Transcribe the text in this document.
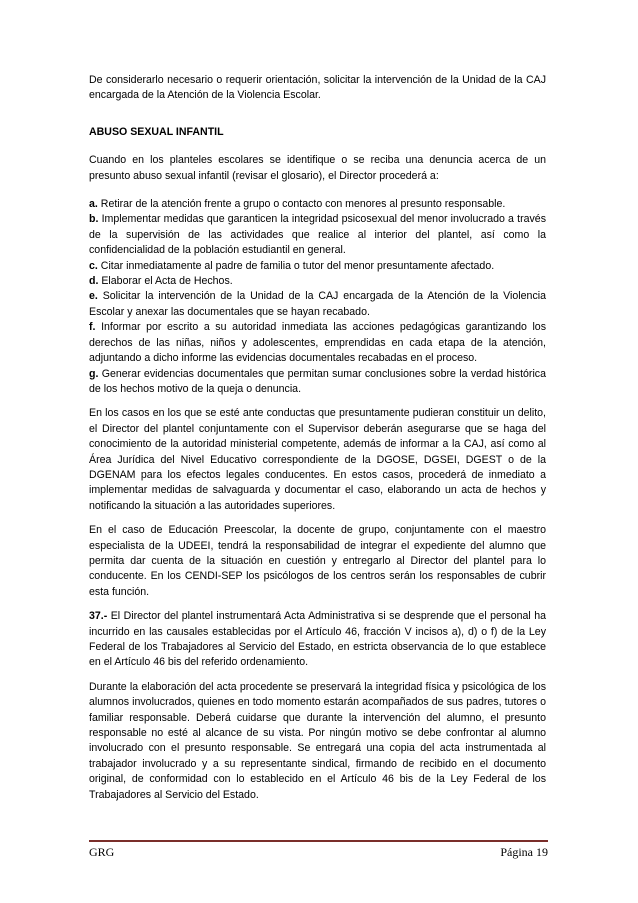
De considerarlo necesario o requerir orientación, solicitar la intervención de la Unidad de la CAJ encargada de la Atención de la Violencia Escolar.

ABUSO SEXUAL INFANTIL

Cuando en los planteles escolares se identifique o se reciba una denuncia acerca de un presunto abuso sexual infantil (revisar el glosario), el Director procederá a:

a. Retirar de la atención frente a grupo o contacto con menores al presunto responsable.

b. Implementar medidas que garanticen la integridad psicosexual del menor involucrado a través de la supervisión de las actividades que realice al interior del plantel, así como la confidencialidad de la población estudiantil en general.

c. Citar inmediatamente al padre de familia o tutor del menor presuntamente afectado.

d. Elaborar el Acta de Hechos.

e. Solicitar la intervención de la Unidad de la CAJ encargada de la Atención de la Violencia Escolar y anexar las documentales que se hayan recabado.

f. Informar por escrito a su autoridad inmediata las acciones pedagógicas garantizando los derechos de las niñas, niños y adolescentes, emprendidas en cada etapa de la atención, adjuntando a dicho informe las evidencias documentales recabadas en el proceso.

g. Generar evidencias documentales que permitan sumar conclusiones sobre la verdad histórica de los hechos motivo de la queja o denuncia.

En los casos en los que se esté ante conductas que presuntamente pudieran constituir un delito, el Director del plantel conjuntamente con el Supervisor deberán asegurarse que se haga del conocimiento de la autoridad ministerial competente, además de informar a la CAJ, así como al Área Jurídica del Nivel Educativo correspondiente de la DGOSE, DGSEI, DGEST o de la DGENAM para los efectos legales conducentes. En estos casos, procederá de inmediato a implementar medidas de salvaguarda y documentar el caso, elaborando un acta de hechos y notificando la situación a las autoridades superiores.

En el caso de Educación Preescolar, la docente de grupo, conjuntamente con el maestro especialista de la UDEEI, tendrá la responsabilidad de integrar el expediente del alumno que permita dar cuenta de la situación en cuestión y entregarlo al Director del plantel para lo conducente. En los CENDI-SEP los psicólogos de los centros serán los responsables de cubrir esta función.

37.- El Director del plantel instrumentará Acta Administrativa si se desprende que el personal ha incurrido en las causales establecidas por el Artículo 46, fracción V incisos a), d) o f) de la Ley Federal de los Trabajadores al Servicio del Estado, en estricta observancia de lo que establece en el Artículo 46 bis del referido ordenamiento.

Durante la elaboración del acta procedente se preservará la integridad física y psicológica de los alumnos involucrados, quienes en todo momento estarán acompañados de sus padres, tutores o familiar responsable. Deberá cuidarse que durante la intervención del alumno, el presunto responsable no esté al alcance de su vista. Por ningún motivo se debe confrontar al alumno involucrado con el presunto responsable. Se entregará una copia del acta instrumentada al trabajador involucrado y a su representante sindical, firmando de recibido en el documento original, de conformidad con lo establecido en el Artículo 46 bis de la Ley Federal de los Trabajadores al Servicio del Estado.

GRG	Página 19
